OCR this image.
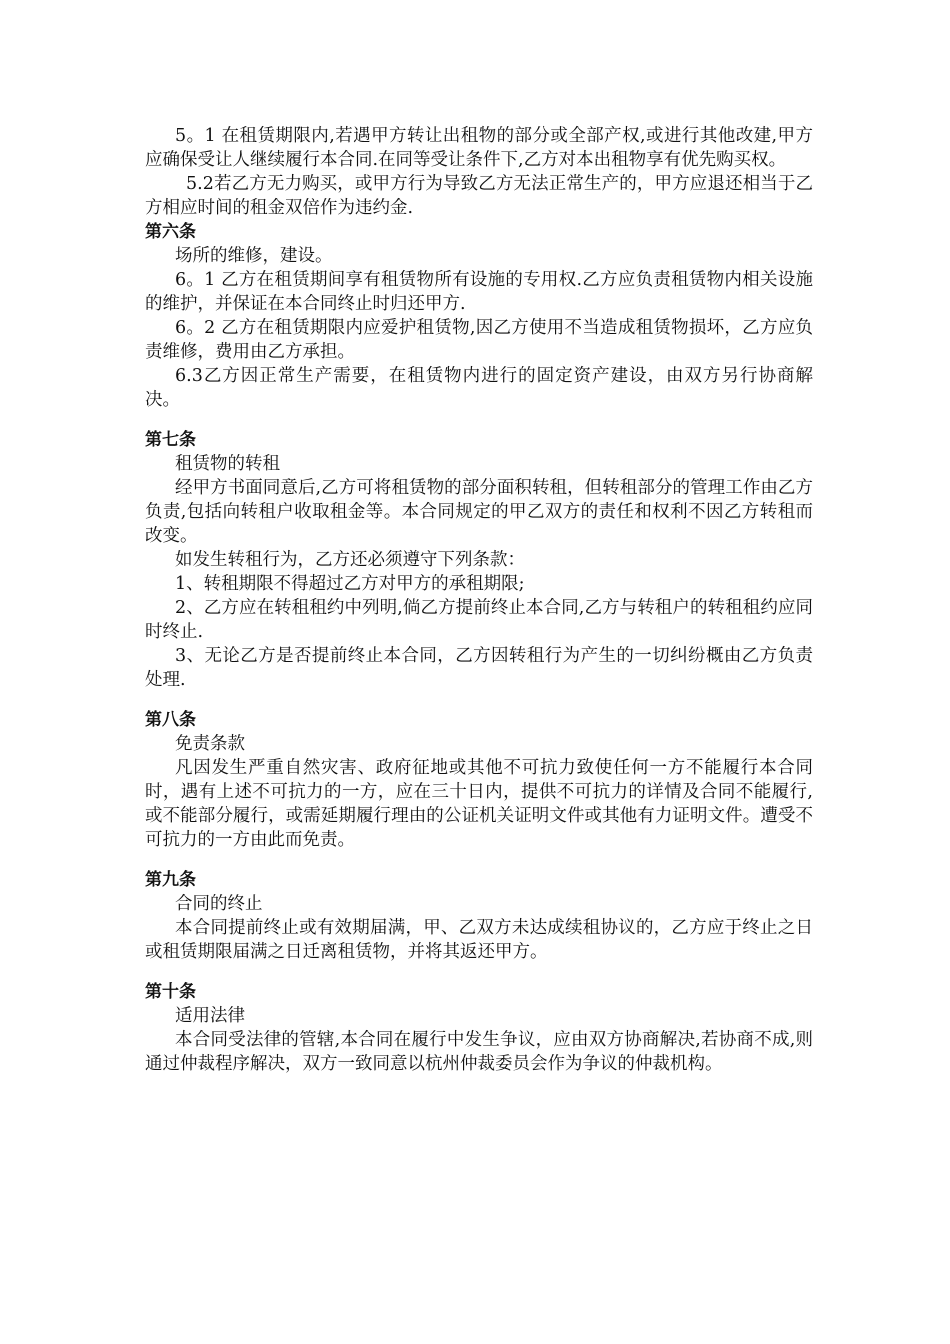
5。1 在租赁期限内,若遇甲方转让出租物的部分或全部产权,或进行其他改建,甲方应确保受让人继续履行本合同.在同等受让条件下,乙方对本出租物享有优先购买权。

5.2若乙方无力购买，或甲方行为导致乙方无法正常生产的，甲方应退还相当于乙方相应时间的租金双倍作为违约金.

第六条

场所的维修，建设。

6。1 乙方在租赁期间享有租赁物所有设施的专用权.乙方应负责租赁物内相关设施的维护，并保证在本合同终止时归还甲方.

6。2 乙方在租赁期限内应爱护租赁物,因乙方使用不当造成租赁物损坏，乙方应负责维修，费用由乙方承担。

6.3乙方因正常生产需要，在租赁物内进行的固定资产建设，由双方另行协商解决。

第七条

租赁物的转租

经甲方书面同意后,乙方可将租赁物的部分面积转租，但转租部分的管理工作由乙方负责,包括向转租户收取租金等。本合同规定的甲乙双方的责任和权利不因乙方转租而改变。

如发生转租行为，乙方还必须遵守下列条款：

1、转租期限不得超过乙方对甲方的承租期限;

2、乙方应在转租租约中列明,倘乙方提前终止本合同,乙方与转租户的转租租约应同时终止.

3、无论乙方是否提前终止本合同，乙方因转租行为产生的一切纠纷概由乙方负责处理.

第八条

免责条款

凡因发生严重自然灾害、政府征地或其他不可抗力致使任何一方不能履行本合同时，遇有上述不可抗力的一方，应在三十日内，提供不可抗力的详情及合同不能履行,或不能部分履行，或需延期履行理由的公证机关证明文件或其他有力证明文件。遭受不可抗力的一方由此而免责。

第九条

合同的终止

本合同提前终止或有效期届满，甲、乙双方未达成续租协议的，乙方应于终止之日或租赁期限届满之日迁离租赁物，并将其返还甲方。

第十条

适用法律

本合同受法律的管辖,本合同在履行中发生争议，应由双方协商解决,若协商不成,则通过仲裁程序解决，双方一致同意以杭州仲裁委员会作为争议的仲裁机构。
